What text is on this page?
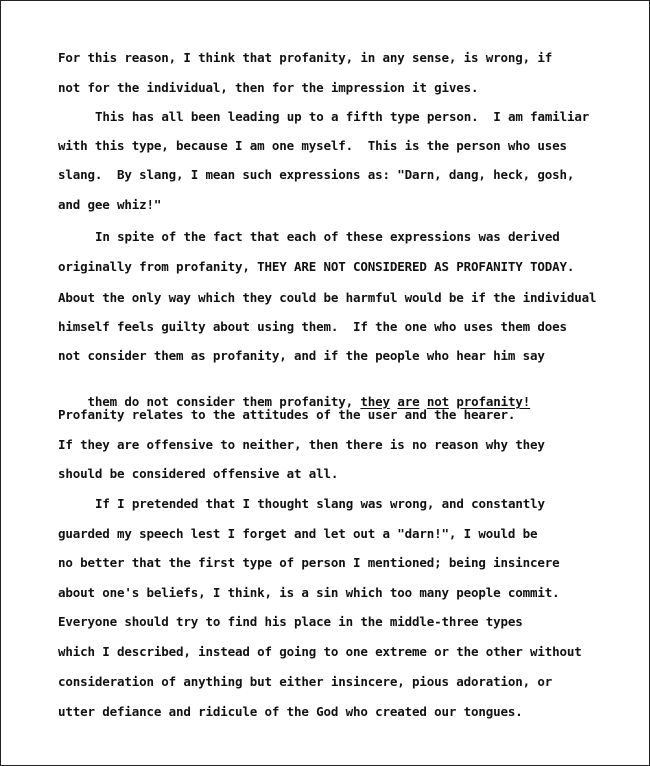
For this reason, I think that profanity, in any sense, is wrong, if
not for the individual, then for the impression it gives.
This has all been leading up to a fifth type person.  I am familiar
with this type, because I am one myself.  This is the person who uses
slang.  By slang, I mean such expressions as: "Darn, dang, heck, gosh,
and gee whiz!"
In spite of the fact that each of these expressions was derived
originally from profanity, THEY ARE NOT CONSIDERED AS PROFANITY TODAY.
About the only way which they could be harmful would be if the individual
himself feels guilty about using them.  If the one who uses them does
not consider them as profanity, and if the people who hear him say

them do not consider them profanity, they are not profanity!

Profanity relates to the attitudes of the user and the hearer.
If they are offensive to neither, then there is no reason why they
should be considered offensive at all.
If I pretended that I thought slang was wrong, and constantly
guarded my speech lest I forget and let out a "darn!", I would be
no better that the first type of person I mentioned; being insincere
about one's beliefs, I think, is a sin which too many people commit.
Everyone should try to find his place in the middle-three types
which I described, instead of going to one extreme or the other without
consideration of anything but either insincere, pious adoration, or
utter defiance and ridicule of the God who created our tongues.
